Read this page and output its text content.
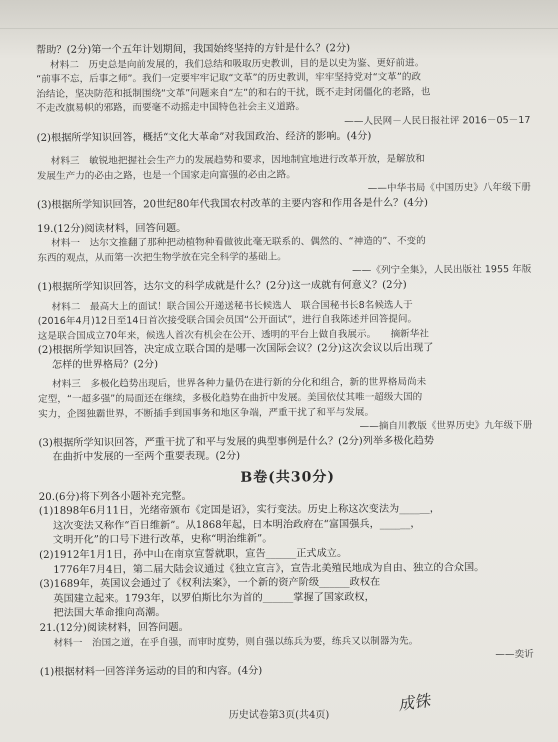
帮助？(2分)第一个五年计划期间，我国始终坚持的方针是什么？(2分)
材料二　历史总是向前发展的，我们总结和吸取历史教训，目的是以史为鉴、更好前进。
“前事不忘，后事之师”。我们一定要牢牢记取“文革”的历史教训，牢牢坚持党对“文革”的政
治结论，坚决防范和抵制围绕“文革”问题来自“左”的和右的干扰，既不走封闭僵化的老路，也
不走改旗易帜的邪路，而要毫不动摇走中国特色社会主义道路。
——人民网－人民日报社评 2016－05－17
(2)根据所学知识回答，概括“文化大革命”对我国政治、经济的影响。(4分)
材料三　敏锐地把握社会生产力的发展趋势和要求，因地制宜地进行改革开放，是解放和
发展生产力的必由之路，也是一个国家走向富强的必由之路。
——中华书局《中国历史》八年级下册
(3)根据所学知识回答，20世纪80年代我国农村改革的主要内容和作用各是什么？(4分)
19.(12分)阅读材料，回答问题。
材料一　达尔文推翻了那种把动植物种看做彼此毫无联系的、偶然的、“神造的”、不变的
东西的观点，从而第一次把生物学放在完全科学的基础上。
——《列宁全集》，人民出版社 1955 年版
(1)根据所学知识回答，达尔文的科学成就是什么？(2分)这一成就有何意义？(2分)
材料二　最高大上的面试！联合国公开递送秘书长候选人　联合国秘书长8名候选人于
(2016年4月)12日至14日首次接受联合国会员国“公开面试”，进行自我陈述并回答提问。
这是联合国成立70年来，候选人首次有机会在公开、透明的平台上做自我展示。　　摘新华社
(2)根据所学知识回答，决定成立联合国的是哪一次国际会议？(2分)这次会议以后出现了
怎样的世界格局？(2分)
材料三　多极化趋势出现后，世界各种力量仍在进行新的分化和组合，新的世界格局尚未
定型，“一超多强”的局面还在继续，多极化趋势在曲折中发展。美国依仗其唯一超级大国的
实力，企图独霸世界，不断插手到国事务和地区争端，严重干扰了和平与发展。
——摘自川教版《世界历史》九年级下册
(3)根据所学知识回答，严重干扰了和平与发展的典型事例是什么？(2分)列举多极化趋势
在曲折中发展的一至两个重要表现。(2分)
B卷(共30分)
20.(6分)将下列各小题补充完整。
(1)1898年6月11日，光绪帝颁布《定国是诏》，实行变法。历史上称这次变法为______，
这次变法又称作“百日维新”。从1868年起，日本明治政府在“富国强兵，______，
文明开化”的口号下进行改革，史称“明治维新”。
(2)1912年1月1日，孙中山在南京宣誓就职，宣告______正式成立。
1776年7月4日，第二届大陆会议通过《独立宣言》，宣告北美殖民地成为自由、独立的合众国。
(3)1689年，英国议会通过了《权利法案》，一个新的资产阶级______政权在
英国建立起来。1793年，以罗伯斯比尔为首的______掌握了国家政权，
把法国大革命推向高潮。
21.(12分)阅读材料，回答问题。
材料一　治国之道，在乎自强，而审时度势，则自强以练兵为要，练兵又以制器为先。
——奕䜣
(1)根据材料一回答洋务运动的目的和内容。(4分)
成铢
历史试卷第3页(共4页)
